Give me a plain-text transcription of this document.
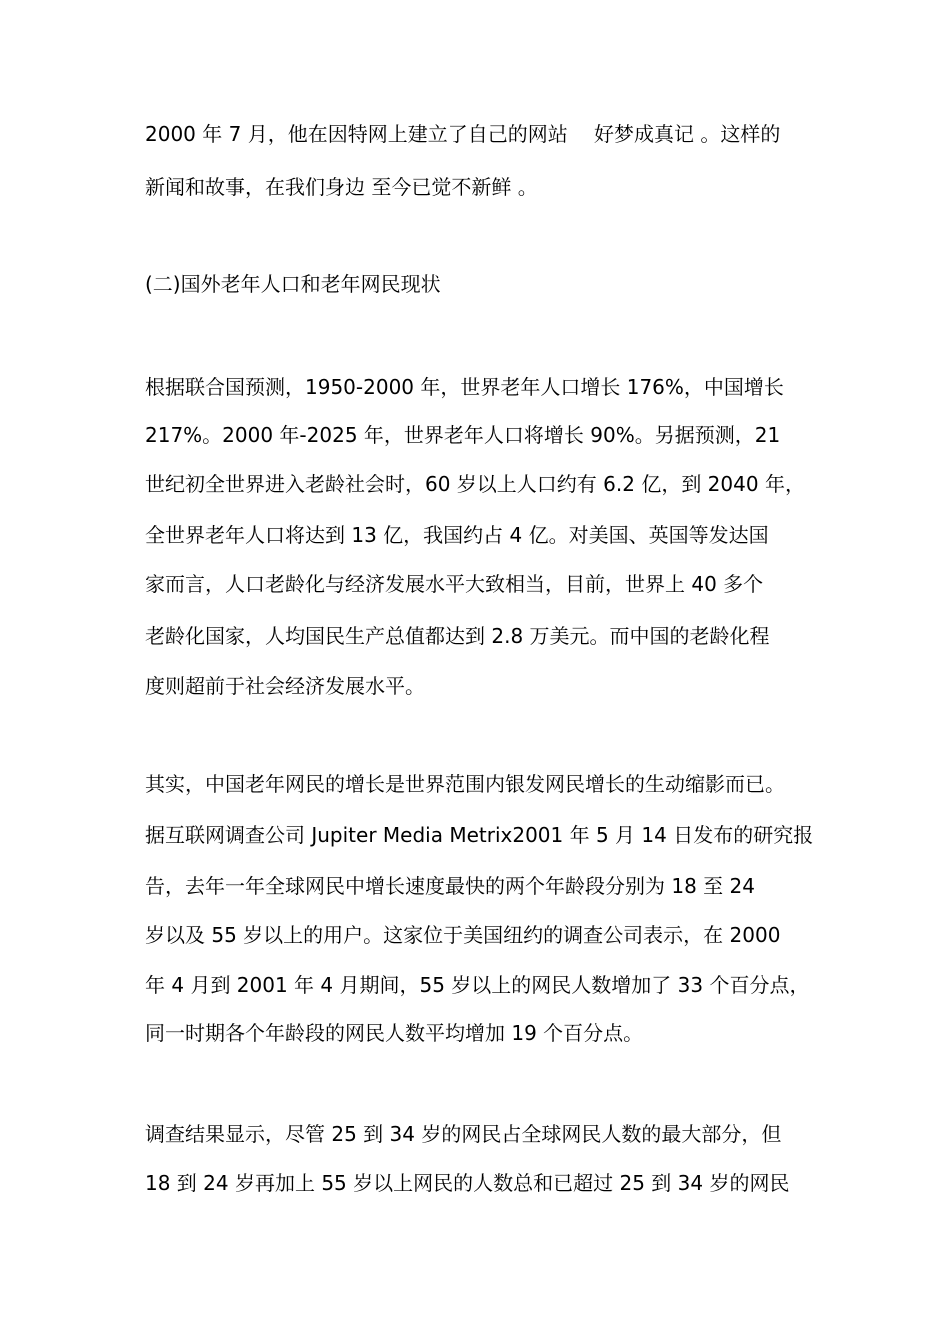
2000 年 7 月，他在因特网上建立了自己的网站　 好梦成真记 。这样的
新闻和故事，在我们身边 至今已觉不新鲜 。
(二)国外老年人口和老年网民现状
根据联合国预测，1950-2000 年，世界老年人口增长 176%，中国增长
217%。2000 年-2025 年，世界老年人口将增长 90%。另据预测，21
世纪初全世界进入老龄社会时，60 岁以上人口约有 6.2 亿，到 2040 年，
全世界老年人口将达到 13 亿，我国约占 4 亿。对美国、英国等发达国
家而言，人口老龄化与经济发展水平大致相当，目前，世界上 40 多个
老龄化国家，人均国民生产总值都达到 2.8 万美元。而中国的老龄化程
度则超前于社会经济发展水平。
其实，中国老年网民的增长是世界范围内银发网民增长的生动缩影而已。
据互联网调查公司 Jupiter Media Metrix2001 年 5 月 14 日发布的研究报
告，去年一年全球网民中增长速度最快的两个年龄段分别为 18 至 24
岁以及 55 岁以上的用户。这家位于美国纽约的调查公司表示，在 2000
年 4 月到 2001 年 4 月期间，55 岁以上的网民人数增加了 33 个百分点，
同一时期各个年龄段的网民人数平均增加 19 个百分点。
调查结果显示，尽管 25 到 34 岁的网民占全球网民人数的最大部分，但
18 到 24 岁再加上 55 岁以上网民的人数总和已超过 25 到 34 岁的网民
